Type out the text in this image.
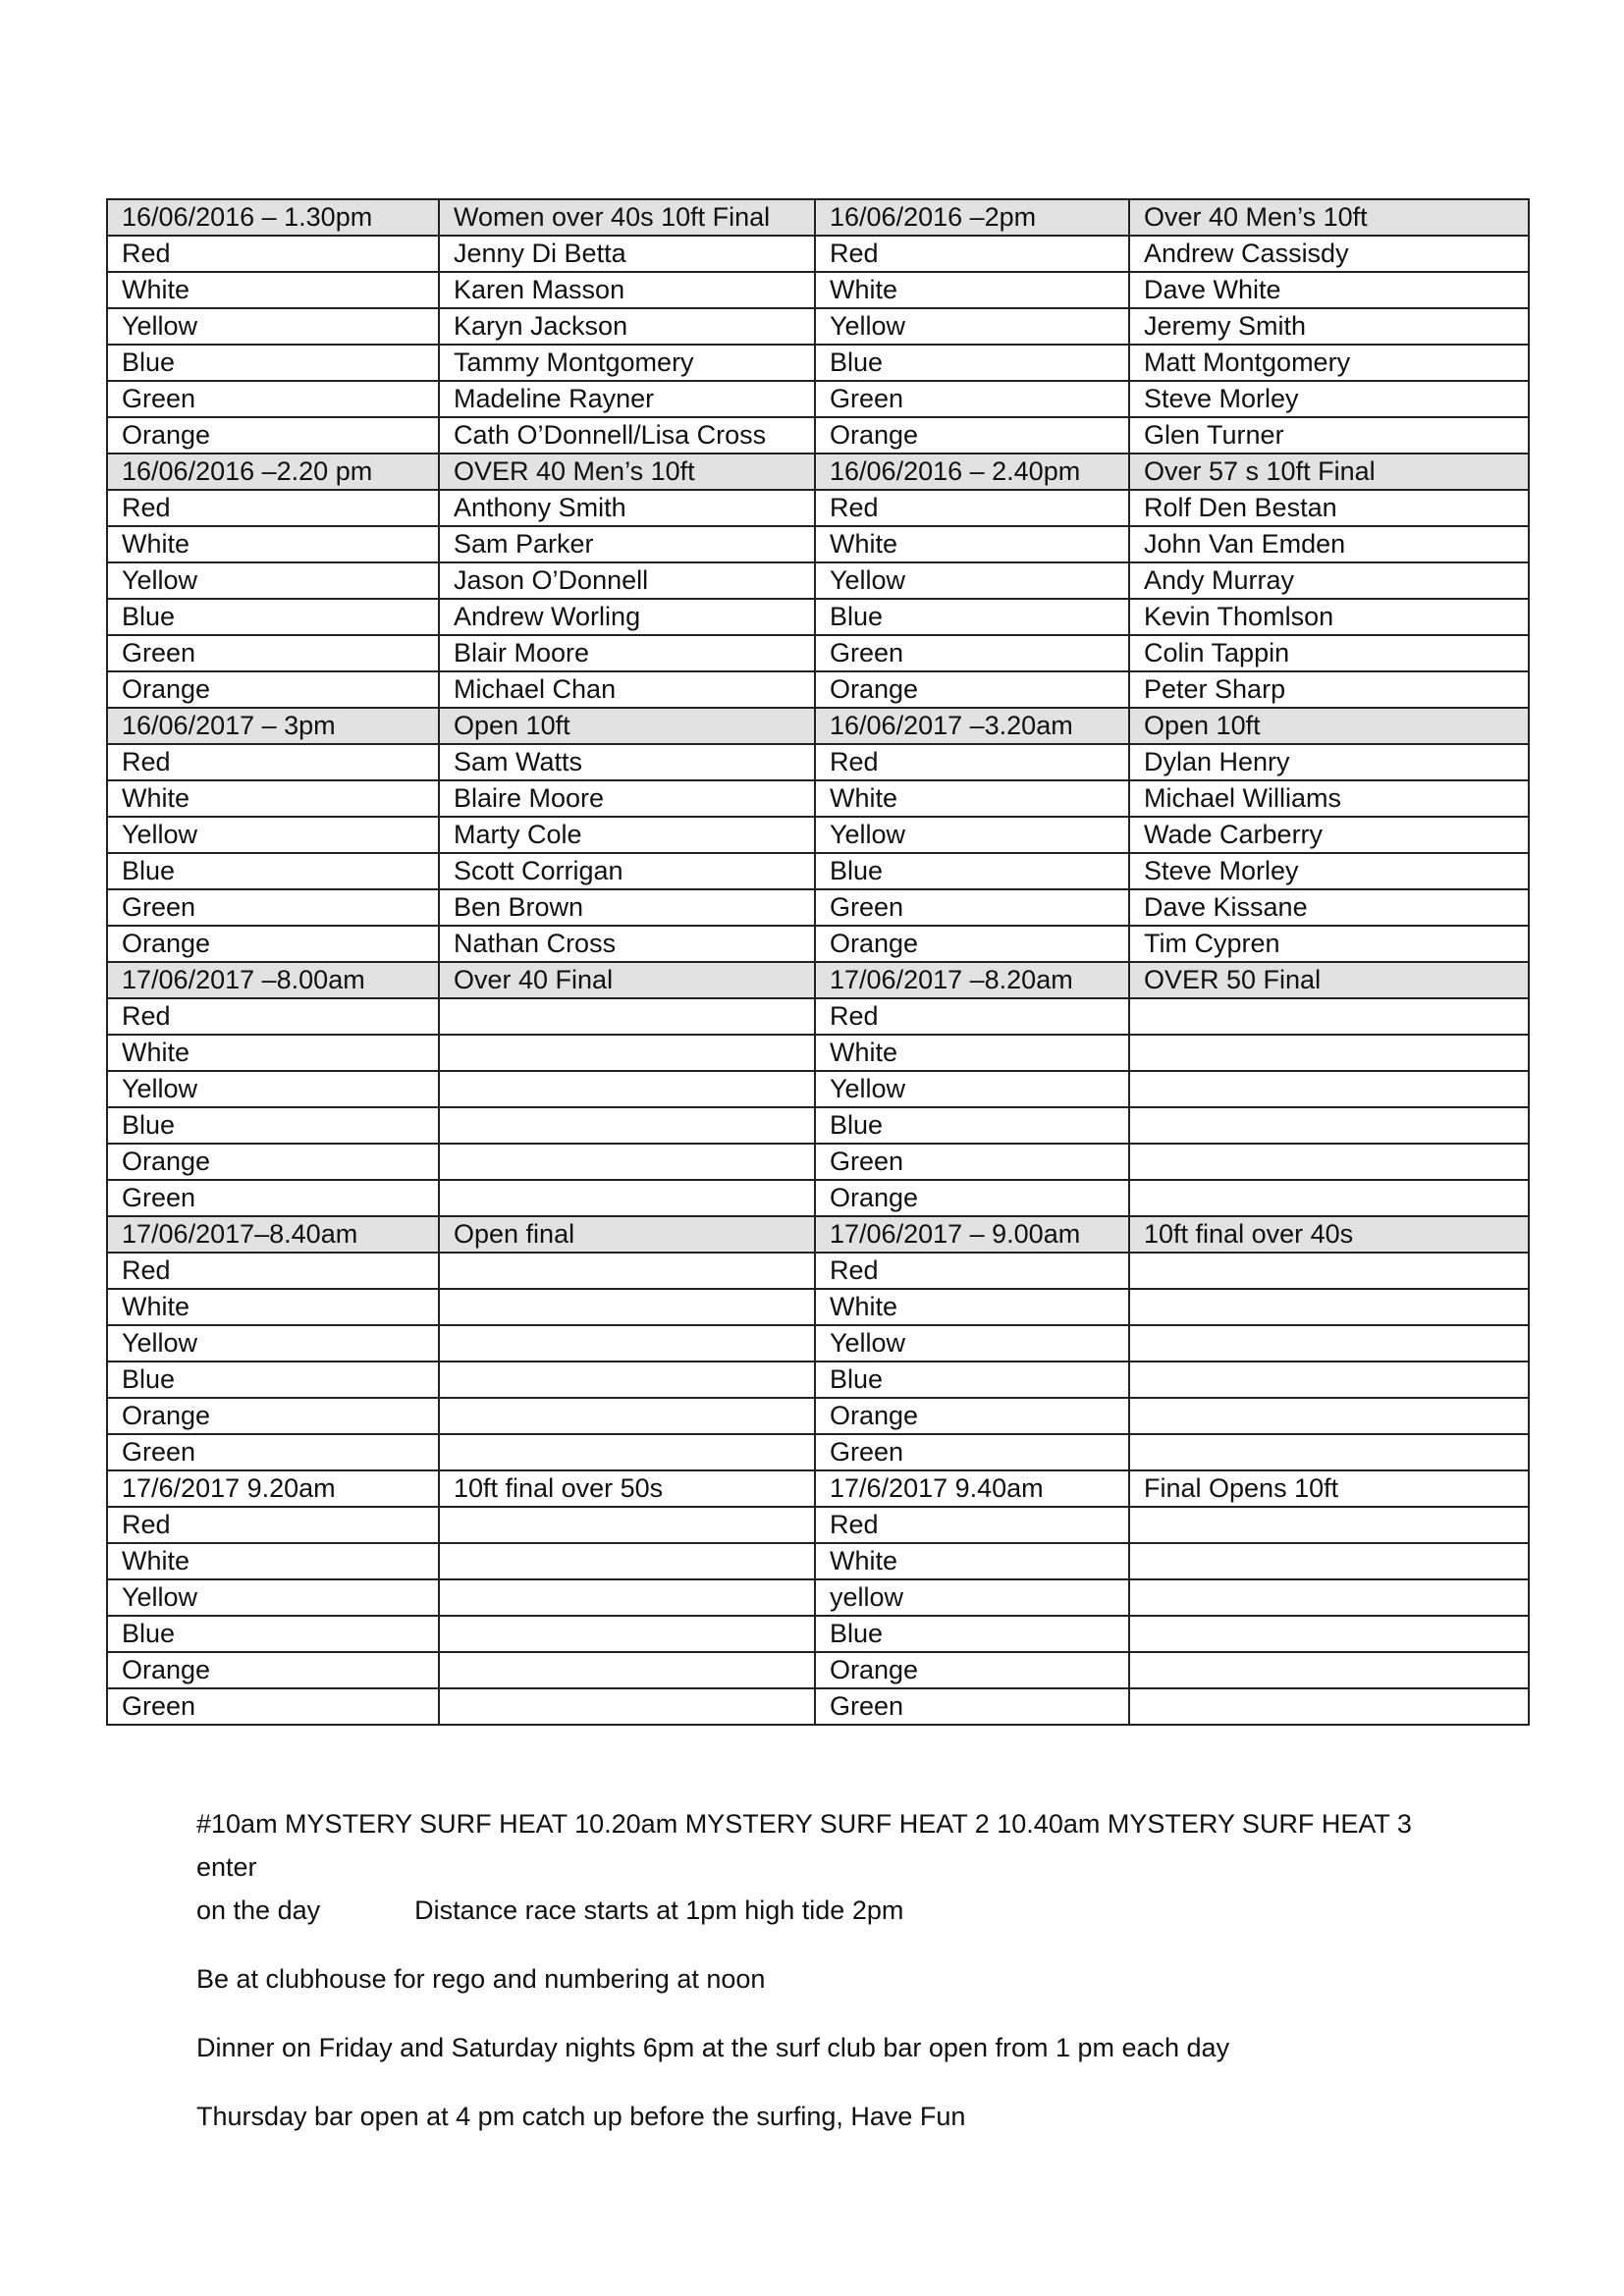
16/06/2016 – 1.30pm	Women over 40s 10ft Final	16/06/2016 –2pm	Over 40 Men’s 10ft
Red	Jenny Di Betta	Red	Andrew Cassisdy
White	Karen Masson	White	Dave White
Yellow	Karyn Jackson	Yellow	Jeremy Smith
Blue	Tammy Montgomery	Blue	Matt Montgomery
Green	Madeline Rayner	Green	Steve Morley
Orange	Cath O’Donnell/Lisa Cross	Orange	Glen Turner
16/06/2016 –2.20 pm	OVER 40 Men’s 10ft	16/06/2016 – 2.40pm	Over 57 s 10ft Final
Red	Anthony Smith	Red	Rolf Den Bestan
White	Sam Parker	White	John Van Emden
Yellow	Jason O’Donnell	Yellow	Andy Murray
Blue	Andrew Worling	Blue	Kevin Thomlson
Green	Blair Moore	Green	Colin Tappin
Orange	Michael Chan	Orange	Peter Sharp
16/06/2017 – 3pm	Open 10ft	16/06/2017 –3.20am	Open 10ft
Red	Sam Watts	Red	Dylan Henry
White	Blaire Moore	White	Michael Williams
Yellow	Marty Cole	Yellow	Wade Carberry
Blue	Scott Corrigan	Blue	Steve Morley
Green	Ben Brown	Green	Dave Kissane
Orange	Nathan Cross	Orange	Tim Cypren
17/06/2017 –8.00am	Over 40 Final	17/06/2017 –8.20am	OVER 50 Final
Red		Red	
White		White	
Yellow		Yellow	
Blue		Blue	
Orange		Green	
Green		Orange	
17/06/2017–8.40am	Open final	17/06/2017 – 9.00am	10ft final over 40s
Red		Red	
White		White	
Yellow		Yellow	
Blue		Blue	
Orange		Orange	
Green		Green	
17/6/2017 9.20am	10ft final over 50s	17/6/2017 9.40am	Final Opens 10ft
Red		Red	
White		White	
Yellow		yellow	
Blue		Blue	
Orange		Orange	
Green		Green	

#10am MYSTERY SURF HEAT 10.20am MYSTERY SURF HEAT 2 10.40am MYSTERY SURF HEAT 3 enter

on the day	Distance race starts at 1pm high tide 2pm

Be at clubhouse for rego and numbering at noon

Dinner on Friday and Saturday nights 6pm at the surf club bar open from 1 pm each day

Thursday bar open at 4 pm catch up before the surfing, Have Fun
